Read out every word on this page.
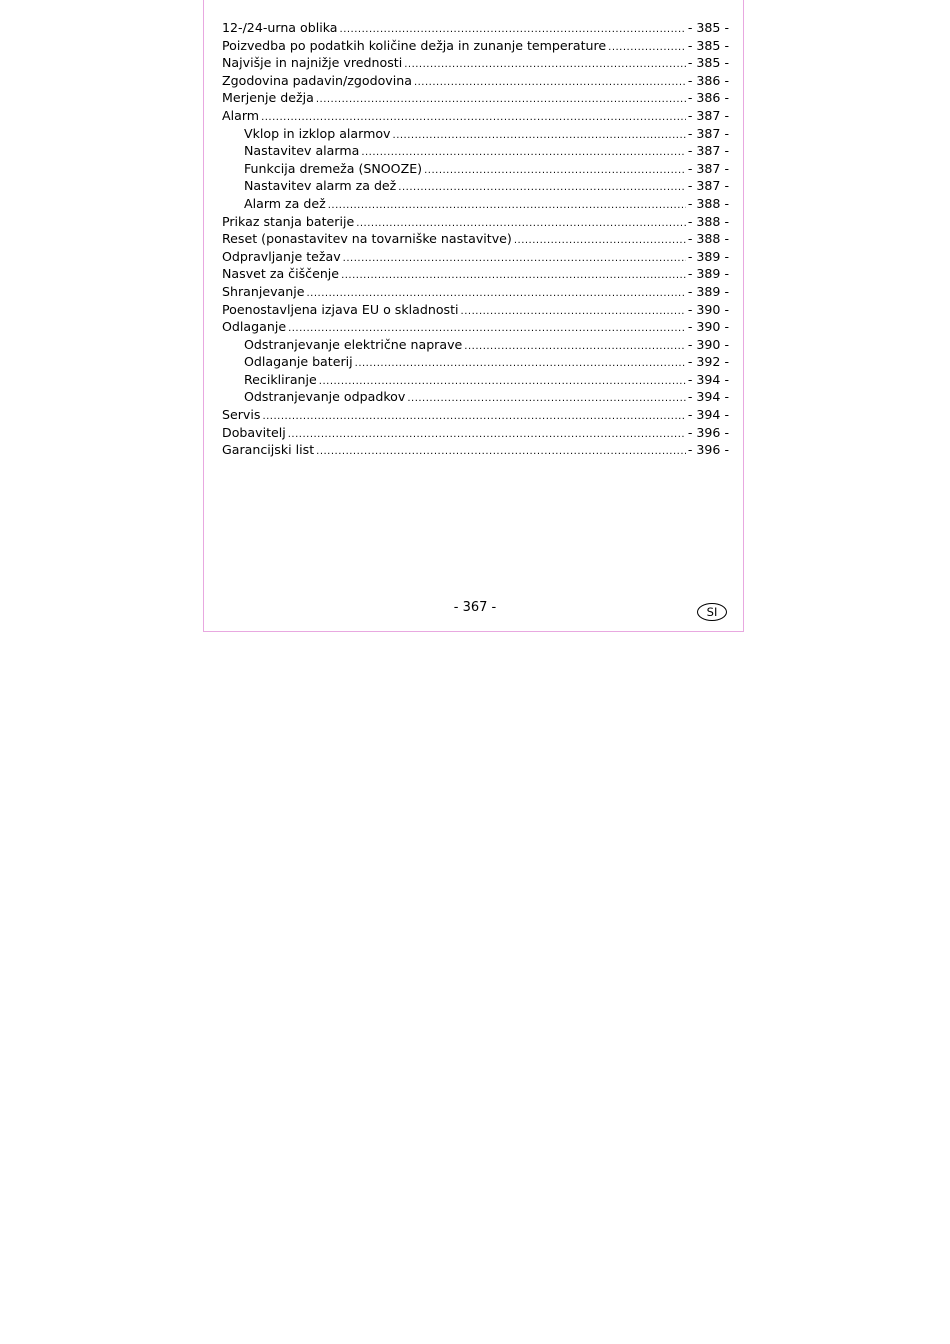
12-/24-urna oblika .....	- 385 -
Poizvedba po podatkih količine dežja in zunanje temperature .....	- 385 -
Najvišje in najnižje vrednosti .....	- 385 -
Zgodovina padavin/zgodovina .....	- 386 -
Merjenje dežja .....	- 386 -
Alarm .....	- 387 -
Vklop in izklop alarmov .....	- 387 -
Nastavitev alarma .....	- 387 -
Funkcija dremeža (SNOOZE) .....	- 387 -
Nastavitev alarm za dež .....	- 387 -
Alarm za dež .....	- 388 -
Prikaz stanja baterije .....	- 388 -
Reset (ponastavitev na tovarniške nastavitve) .....	- 388 -
Odpravljanje težav .....	- 389 -
Nasvet za čiščenje .....	- 389 -
Shranjevanje .....	- 389 -
Poenostavljena izjava EU o skladnosti .....	- 390 -
Odlaganje .....	- 390 -
Odstranjevanje električne naprave .....	- 390 -
Odlaganje baterij .....	- 392 -
Recikliranje .....	- 394 -
Odstranjevanje odpadkov .....	- 394 -
Servis .....	- 394 -
Dobavitelj .....	- 396 -
Garancijski list .....	- 396 -
- 367 -	SI
